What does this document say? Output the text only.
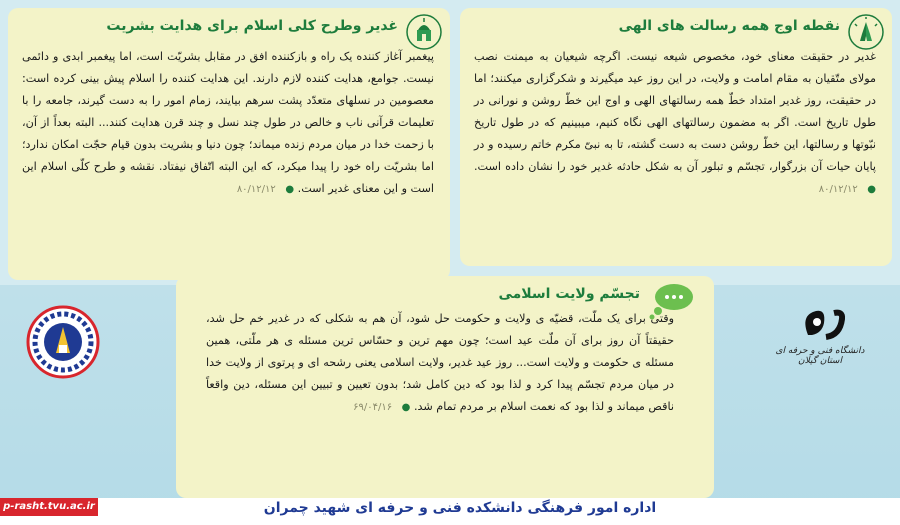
نقطه اوج همه رسالت های الهی
غدیر در حقیقت معنای خود، مخصوص شیعه نیست. اگرچه شیعیان به میمنت نصب مولای متّقیان به مقام امامت و ولایت، در این روز عید میگیرند و شکرگزاری میکنند؛ اما در حقیقت، روز غدیر امتداد خطّ همه رسالتهای الهی و اوج این خطّ روشن و نورانی در طول تاریخ است. اگر به مضمون رسالتهای الهی نگاه کنیم، میبینیم که در طول تاریخ نبّوتها و رسالتها، این خطّ روشن دست به دست گشته، تا به نبیّ مکرم خاتم رسیده و در پایان حیات آن بزرگوار، تجسّم و تبلور آن به شکل حادثه غدیر خود را نشان داده است. ● ۸۰/۱۲/۱۲
غدیر وطرح کلی اسلام برای هدایت بشریت
پیغمبر آغاز کننده یک راه و بازکننده افق در مقابل بشریّت است، اما پیغمبر ابدی و دائمی نیست. جوامع، هدایت کننده لازم دارند. این هدایت کننده را اسلام پیش بینی کرده است: معصومین در نسلهای متعدّد پشت سرهم بیایند، زمام امور را به دست گیرند، جامعه را با تعلیمات قرآنی ناب و خالص در طول چند نسل و چند قرن هدایت کنند... البته بعداً از آن، با زحمت خدا در میان مردم زنده میماند؛ چون دنیا و بشریت بدون قیام حجّت امکان ندارد؛ اما بشریّت راه خود را پیدا میکرد، که این البته اتّفاق نیفتاد. نقشه و طرح کلّی اسلام این است و این معنای غدیر است. ● ۸۰/۱۲/۱۲
تجسّم ولایت اسلامی
وقتی برای یک ملّت، قضیّه ی ولایت و حکومت حل شود، آن هم به شکلی که در غدیر خم حل شد، حقیقتاً آن روز برای آن ملّت عید است؛ چون مهم ترین و حسّاس ترین مسئله ی هر ملّتی، همین مسئله ی حکومت و ولایت است... روز عید غدیر، ولایت اسلامی یعنی رشحه ای و پرتوی از ولایت خدا در میان مردم تجسّم پیدا کرد و لذا بود که دین کامل شد؛ بدون تعیین و تبیین این مسئله، دین واقعاً ناقص میماند و لذا بود که نعمت اسلام بر مردم تمام شد. ● ۶۹/۰۴/۱۶
دانشگاه فنی و حرفه ای استان گیلان
اداره امور فرهنگی دانشکده فنی و حرفه ای شهید چمران
p-rasht.tvu.ac.ir
